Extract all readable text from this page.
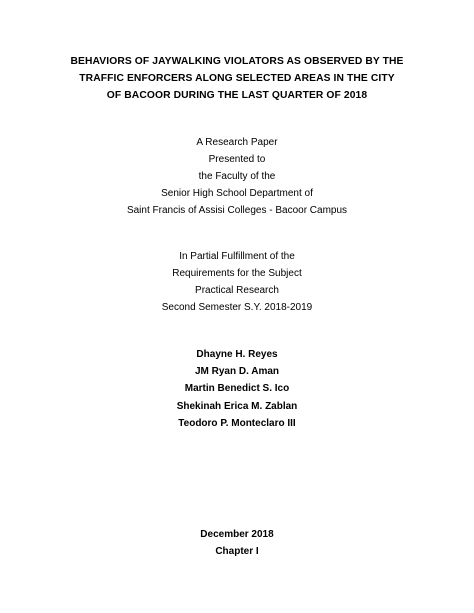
BEHAVIORS OF JAYWALKING VIOLATORS AS OBSERVED BY THE
TRAFFIC ENFORCERS ALONG SELECTED AREAS IN THE CITY
OF BACOOR DURING THE LAST QUARTER OF 2018
A Research Paper
Presented to
the Faculty of the
Senior High School Department of
Saint Francis of Assisi Colleges - Bacoor Campus
In Partial Fulfillment of the
Requirements for the Subject
Practical Research
Second Semester S.Y. 2018-2019
Dhayne H. Reyes
JM Ryan D. Aman
Martin Benedict S. Ico
Shekinah Erica M. Zablan
Teodoro P. Monteclaro III
December 2018
Chapter I
